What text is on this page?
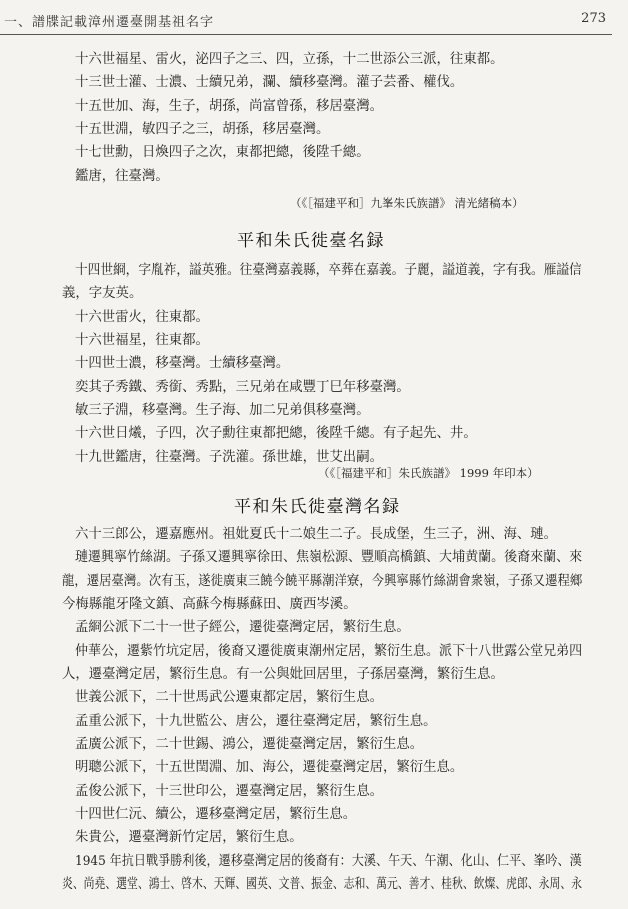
一、譜牒記載漳州遷臺開基祖名字	273
十六世福星、雷火，泌四子之三、四，立孫，十二世添公三派，往東都。
十三世士灌、士濃、士續兄弟，瀾、續移臺灣。灌子芸番、權伐。
十五世加、海，生子，胡孫，尚富曾孫，移居臺灣。
十五世淵，敏四子之三，胡孫，移居臺灣。
十七世勳，日煥四子之次，東都把總，後陞千總。
鑑唐，往臺灣。
（《［福建平和］九峯朱氏族譜》 清光緒稿本）
平和朱氏徙臺名録
十四世綗，字胤祚，謚英雅。往臺灣嘉義縣，卒葬在嘉義。子麗，謚道義，字有我。雁謚信
義，字友英。
十六世雷火，往東都。
十六世福星，往東都。
十四世士濃，移臺灣。士續移臺灣。
奕其子秀鐵、秀銜、秀點，三兄弟在咸豐丁巳年移臺灣。
敏三子淵，移臺灣。生子海、加二兄弟俱移臺灣。
十六世日爔，子四，次子勳往東都把總，後陞千總。有子起先、井。
十九世鑑唐，往臺灣。子洗灌。孫世雄，世艾出嗣。
（《［福建平和］朱氏族譜》 1999 年印本）
平和朱氏徙臺灣名録
六十三郎公，遷嘉應州。祖妣夏氏十二娘生二子。長成堡，生三子，洲、海、璉。
璉遷興寧竹絲湖。子孫又遷興寧徐田、焦嶺松源、豐順高橋鎮、大埔黄蘭。後裔來蘭、來
龍，遷居臺灣。次有玉，遂徙廣東三饒今饒平縣潮洋寮，今興寧縣竹絲湖會衆嶺，子孫又遷程鄉
今梅縣龍牙隆文鎮、高蘇今梅縣蘇田、廣西岑溪。
孟綗公派下二十一世子經公，遷徙臺灣定居，繁衍生息。
仲華公，遷紫竹坑定居，後裔又遷徙廣東潮州定居，繁衍生息。派下十八世露公堂兄弟四
人，遷臺灣定居，繁衍生息。有一公與妣回居里，子孫居臺灣，繁衍生息。
世義公派下，二十世馬武公遷東都定居，繁衍生息。
孟重公派下，十九世監公、唐公，遷往臺灣定居，繁衍生息。
孟廣公派下，二十世錫、鴻公，遷徙臺灣定居，繁衍生息。
明聰公派下，十五世閏淵、加、海公，遷徙臺灣定居，繁衍生息。
孟俊公派下，十三世印公，遷臺灣定居，繁衍生息。
十四世仁沅、續公，遷移臺灣定居，繁衍生息。
朱貴公，遷臺灣新竹定居，繁衍生息。
1945 年抗日戰爭勝利後，遷移臺灣定居的後裔有：大溪、午天、午潮、化山、仁平、峯吟、漢
炎、尚堯、選堂、鴻士、啓木、天輝、國英、文普、振金、志和、萬元、善才、桂秋、飲燦、虎郎、永周、永
